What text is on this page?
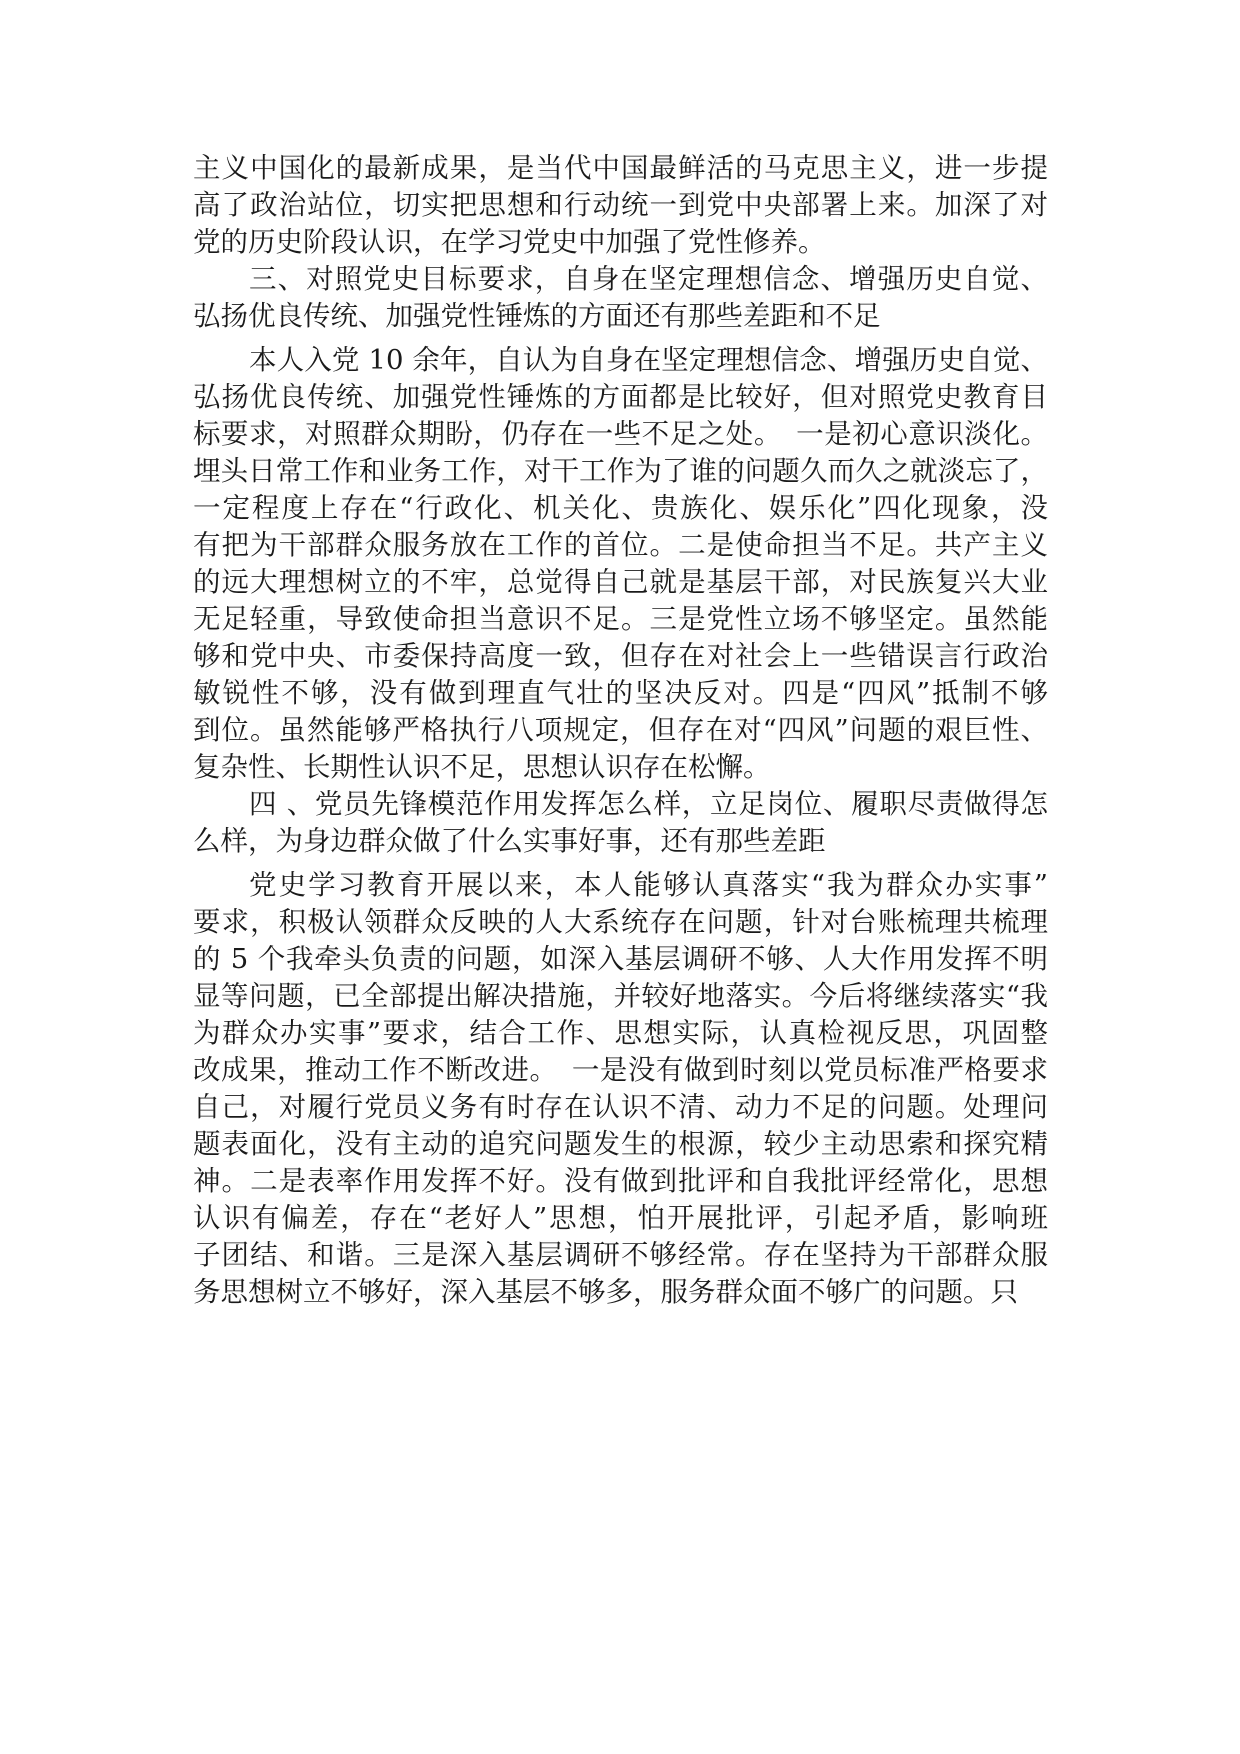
主义中国化的最新成果，是当代中国最鲜活的马克思主义，进一步提
高了政治站位，切实把思想和行动统一到党中央部署上来。加深了对
党的历史阶段认识，在学习党史中加强了党性修养。
三、对照党史目标要求，自身在坚定理想信念、增强历史自觉、
弘扬优良传统、加强党性锤炼的方面还有那些差距和不足
本人入党 10 余年，自认为自身在坚定理想信念、增强历史自觉、
弘扬优良传统、加强党性锤炼的方面都是比较好，但对照党史教育目
标要求，对照群众期盼，仍存在一些不足之处。　一是初心意识淡化。
埋头日常工作和业务工作，对干工作为了谁的问题久而久之就淡忘了，
一定程度上存在“行政化、机关化、贵族化、娱乐化”四化现象，没
有把为干部群众服务放在工作的首位。二是使命担当不足。共产主义
的远大理想树立的不牢，总觉得自己就是基层干部，对民族复兴大业
无足轻重，导致使命担当意识不足。三是党性立场不够坚定。虽然能
够和党中央、市委保持高度一致，但存在对社会上一些错误言行政治
敏锐性不够，没有做到理直气壮的坚决反对。四是“四风”抵制不够
到位。虽然能够严格执行八项规定，但存在对“四风”问题的艰巨性、
复杂性、长期性认识不足，思想认识存在松懈。
四 、党员先锋模范作用发挥怎么样，立足岗位、履职尽责做得怎
么样，为身边群众做了什么实事好事，还有那些差距
党史学习教育开展以来，本人能够认真落实“我为群众办实事”
要求，积极认领群众反映的人大系统存在问题，针对台账梳理共梳理
的 5 个我牵头负责的问题，如深入基层调研不够、人大作用发挥不明
显等问题，已全部提出解决措施，并较好地落实。今后将继续落实“我
为群众办实事”要求，结合工作、思想实际，认真检视反思，巩固整
改成果，推动工作不断改进。　一是没有做到时刻以党员标准严格要求
自己，对履行党员义务有时存在认识不清、动力不足的问题。处理问
题表面化，没有主动的追究问题发生的根源，较少主动思索和探究精
神。二是表率作用发挥不好。没有做到批评和自我批评经常化，思想
认识有偏差，存在“老好人”思想，怕开展批评，引起矛盾，影响班
子团结、和谐。三是深入基层调研不够经常。存在坚持为干部群众服
务思想树立不够好，深入基层不够多，服务群众面不够广的问题。只
